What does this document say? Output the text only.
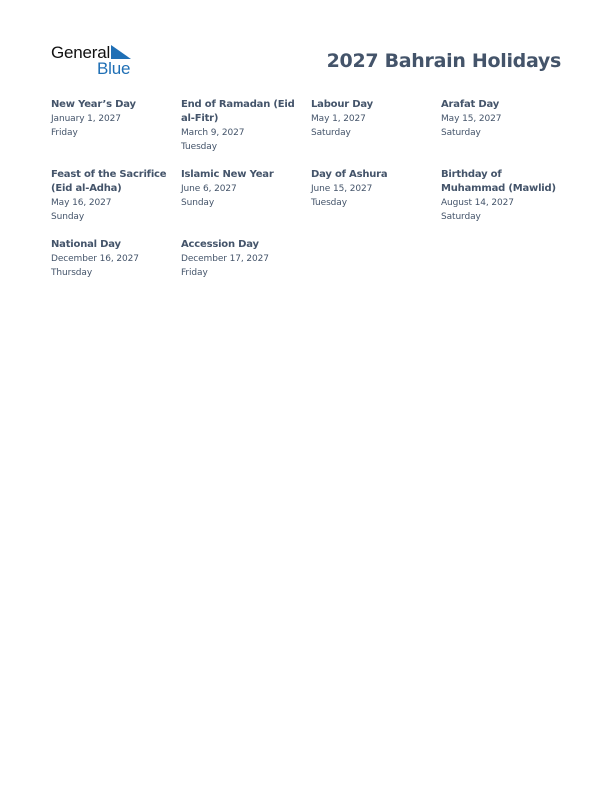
General
Blue	2027 Bahrain Holidays
New Year’s Day
January 1, 2027
Friday
End of Ramadan (Eid al-Fitr)
March 9, 2027
Tuesday
Labour Day
May 1, 2027
Saturday
Arafat Day
May 15, 2027
Saturday
Feast of the Sacrifice (Eid al-Adha)
May 16, 2027
Sunday
Islamic New Year
June 6, 2027
Sunday
Day of Ashura
June 15, 2027
Tuesday
Birthday of Muhammad (Mawlid)
August 14, 2027
Saturday
National Day
December 16, 2027
Thursday
Accession Day
December 17, 2027
Friday
